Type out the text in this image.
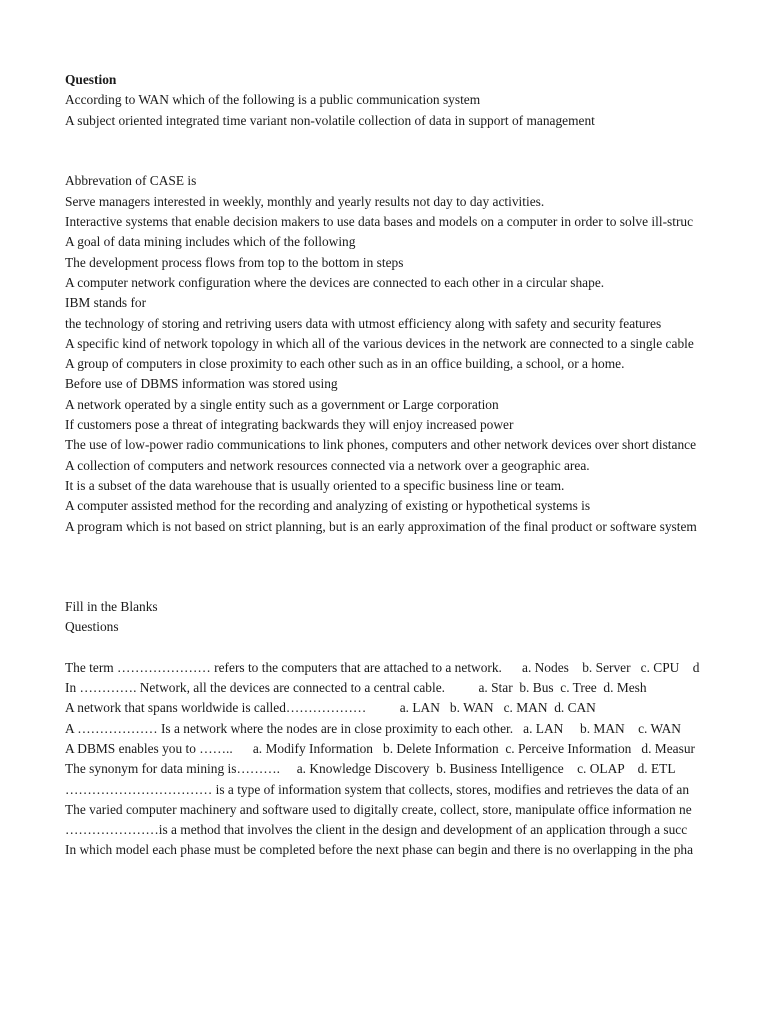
Question
According to WAN which of the following is a public communication system
A subject oriented integrated time variant non-volatile collection of data in support of management
Abbrevation of CASE is
Serve managers interested in weekly, monthly and yearly results not day to day activities.
Interactive systems that enable decision makers to use data bases and models on a computer in order to solve ill-struc
A goal of data mining includes which of the following
The development process flows from top to the bottom in steps
A computer network configuration where the devices are connected to each other in a circular shape.
IBM stands for
the technology of storing and retriving users data with utmost efficiency along with safety and security features
A specific kind of network topology in which all of the various devices in the network are connected to a single cable
A group of computers in close proximity to each other such as in an office building, a school, or a home.
Before use of DBMS information was stored using
A network operated by a single entity such as a government or Large corporation
If customers pose a threat of integrating backwards they will enjoy increased power
The use of low-power radio communications to link phones, computers and other network devices over short distance
A collection of computers and network resources connected via a network over a geographic area.
It is a subset of the data warehouse that is usually oriented to a specific business line or team.
A computer assisted method for the recording and analyzing of existing or hypothetical systems is
A program which is not based on strict planning, but is an early approximation of the final product or software system
Fill in the Blanks
Questions
The term ………………… refers to the computers that are attached to a network.      a. Nodes    b. Server   c. CPU    d
In …………. Network, all the devices are connected to a central cable.          a. Star  b. Bus  c. Tree  d. Mesh
A network that spans worldwide is called………………          a. LAN   b. WAN   c. MAN  d. CAN
A ……………… Is a network where the nodes are in close proximity to each other.   a. LAN     b. MAN    c. WAN
A DBMS enables you to ……..      a. Modify Information   b. Delete Information  c. Perceive Information   d. Measur
The synonym for data mining is……….     a. Knowledge Discovery  b. Business Intelligence    c. OLAP    d. ETL
…………………………… is a type of information system that collects, stores, modifies and retrieves the data of an
The varied computer machinery and software used to digitally create, collect, store, manipulate office information ne
…………………is a method that involves the client in the design and development of an application through a succ
In which model each phase must be completed before the next phase can begin and there is no overlapping in the pha
